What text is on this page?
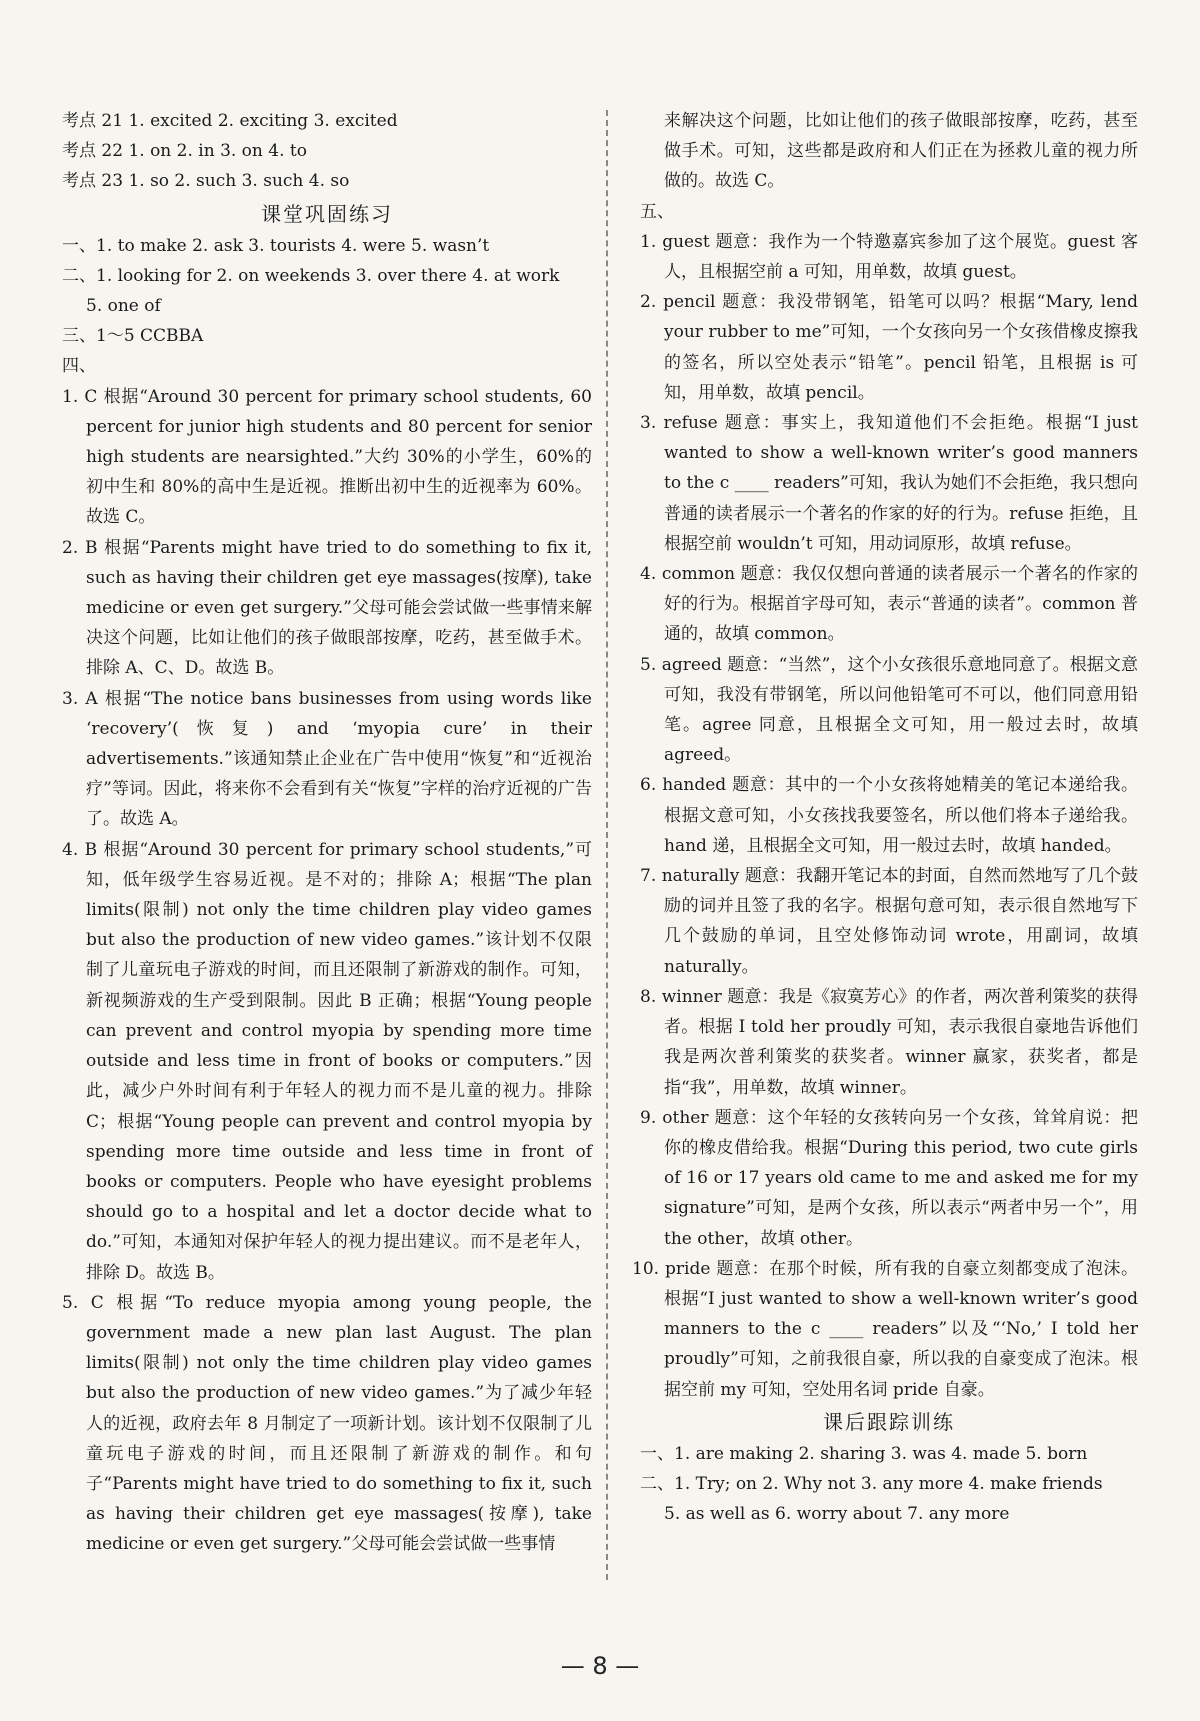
考点 21 1. excited 2. exciting 3. excited

考点 22 1. on 2. in 3. on 4. to

考点 23 1. so 2. such 3. such 4. so

课堂巩固练习

一、1. to make 2. ask 3. tourists 4. were 5. wasn’t

二、1. looking for 2. on weekends 3. over there 4. at work

5. one of

三、1～5 CCBBA

四、

1. C 根据“Around 30 percent for primary school students, 60 percent for junior high students and 80 percent for senior high students are nearsighted.”大约 30%的小学生，60%的初中生和 80%的高中生是近视。推断出初中生的近视率为 60%。故选 C。

2. B 根据“Parents might have tried to do something to fix it, such as having their children get eye massages(按摩), take medicine or even get surgery.”父母可能会尝试做一些事情来解决这个问题，比如让他们的孩子做眼部按摩，吃药，甚至做手术。排除 A、C、D。故选 B。

3. A 根据“The notice bans businesses from using words like ‘recovery’(恢复) and ‘myopia cure’ in their advertisements.”该通知禁止企业在广告中使用“恢复”和“近视治疗”等词。因此，将来你不会看到有关“恢复”字样的治疗近视的广告了。故选 A。

4. B 根据“Around 30 percent for primary school students,”可知，低年级学生容易近视。是不对的；排除 A；根据“The plan limits(限制) not only the time children play video games but also the production of new video games.”该计划不仅限制了儿童玩电子游戏的时间，而且还限制了新游戏的制作。可知，新视频游戏的生产受到限制。因此 B 正确；根据“Young people can prevent and control myopia by spending more time outside and less time in front of books or computers.”因此，减少户外时间有利于年轻人的视力而不是儿童的视力。排除 C；根据“Young people can prevent and control myopia by spending more time outside and less time in front of books or computers. People who have eyesight problems should go to a hospital and let a doctor decide what to do.”可知，本通知对保护年轻人的视力提出建议。而不是老年人，排除 D。故选 B。

5. C 根据“To reduce myopia among young people, the government made a new plan last August. The plan limits(限制) not only the time children play video games but also the production of new video games.”为了减少年轻人的近视，政府去年 8 月制定了一项新计划。该计划不仅限制了儿童玩电子游戏的时间，而且还限制了新游戏的制作。和句子“Parents might have tried to do something to fix it, such as having their children get eye massages(按摩), take medicine or even get surgery.”父母可能会尝试做一些事情

来解决这个问题，比如让他们的孩子做眼部按摩，吃药，甚至做手术。可知，这些都是政府和人们正在为拯救儿童的视力所做的。故选 C。

五、

1. guest 题意：我作为一个特邀嘉宾参加了这个展览。guest 客人，且根据空前 a 可知，用单数，故填 guest。

2. pencil 题意：我没带钢笔，铅笔可以吗？根据“Mary, lend your rubber to me”可知，一个女孩向另一个女孩借橡皮擦我的签名，所以空处表示“铅笔”。pencil 铅笔，且根据 is 可知，用单数，故填 pencil。

3. refuse 题意：事实上，我知道他们不会拒绝。根据“I just wanted to show a well-known writer’s good manners to the c ____ readers”可知，我认为她们不会拒绝，我只想向普通的读者展示一个著名的作家的好的行为。refuse 拒绝，且根据空前 wouldn’t 可知，用动词原形，故填 refuse。

4. common 题意：我仅仅想向普通的读者展示一个著名的作家的好的行为。根据首字母可知，表示“普通的读者”。common 普通的，故填 common。

5. agreed 题意：“当然”，这个小女孩很乐意地同意了。根据文意可知，我没有带钢笔，所以问他铅笔可不可以，他们同意用铅笔。agree 同意，且根据全文可知，用一般过去时，故填 agreed。

6. handed 题意：其中的一个小女孩将她精美的笔记本递给我。根据文意可知，小女孩找我要签名，所以他们将本子递给我。hand 递，且根据全文可知，用一般过去时，故填 handed。

7. naturally 题意：我翻开笔记本的封面，自然而然地写了几个鼓励的词并且签了我的名字。根据句意可知，表示很自然地写下几个鼓励的单词，且空处修饰动词 wrote，用副词，故填 naturally。

8. winner 题意：我是《寂寞芳心》的作者，两次普利策奖的获得者。根据 I told her proudly 可知，表示我很自豪地告诉他们我是两次普利策奖的获奖者。winner 赢家，获奖者，都是指“我”，用单数，故填 winner。

9. other 题意：这个年轻的女孩转向另一个女孩，耸耸肩说：把你的橡皮借给我。根据“During this period, two cute girls of 16 or 17 years old came to me and asked me for my signature”可知，是两个女孩，所以表示“两者中另一个”，用 the other，故填 other。

10. pride 题意：在那个时候，所有我的自豪立刻都变成了泡沫。根据“I just wanted to show a well-known writer’s good manners to the c ____ readers”以及“‘No,’ I told her proudly”可知，之前我很自豪，所以我的自豪变成了泡沫。根据空前 my 可知，空处用名词 pride 自豪。

课后跟踪训练

一、1. are making 2. sharing 3. was 4. made 5. born

二、1. Try; on 2. Why not 3. any more 4. make friends

5. as well as 6. worry about 7. any more

— 8 —
